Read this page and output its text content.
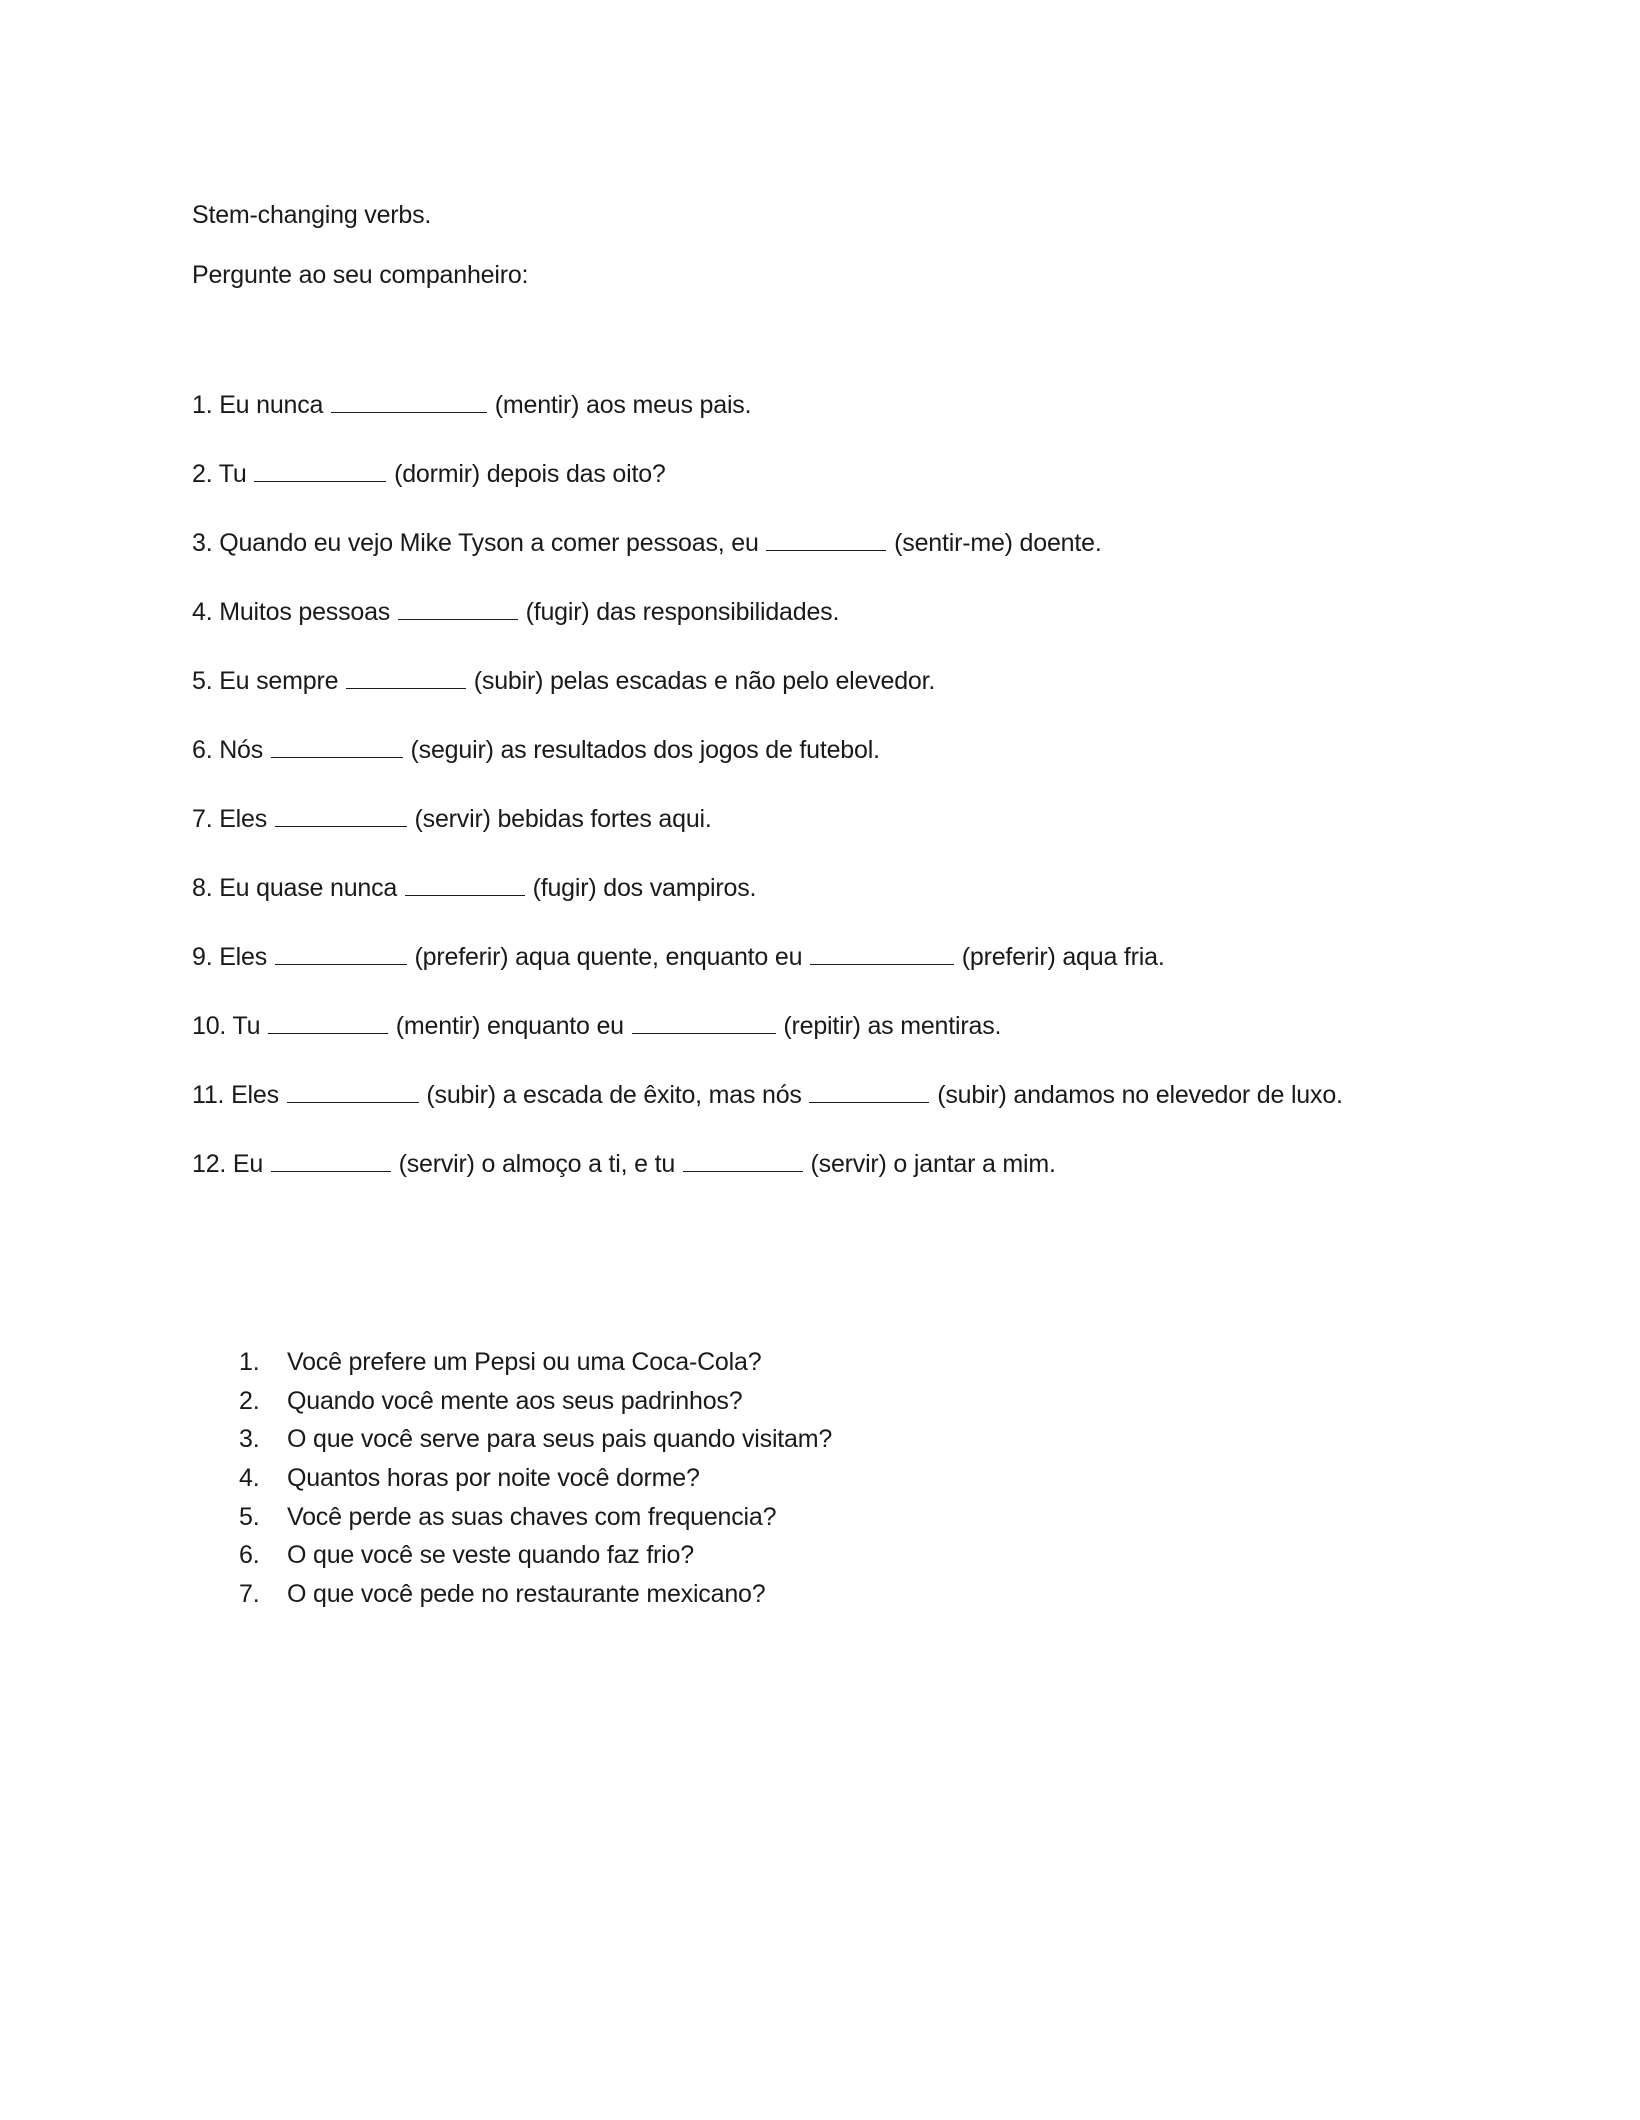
Stem-changing verbs.
Pergunte ao seu companheiro:
1. Eu nunca	(mentir) aos meus pais.
2. Tu	(dormir) depois das oito?
3. Quando eu vejo Mike Tyson a comer pessoas, eu	(sentir-me) doente.
4. Muitos pessoas	(fugir) das responsibilidades.
5. Eu sempre	(subir) pelas escadas e não pelo elevedor.
6. Nós	(seguir) as resultados dos jogos de futebol.
7. Eles	(servir) bebidas fortes aqui.
8. Eu quase nunca	(fugir) dos vampiros.
9. Eles	(preferir) aqua quente, enquanto eu	(preferir) aqua fria.
10. Tu	(mentir) enquanto eu	(repitir) as mentiras.
11. Eles	(subir) a escada de êxito, mas nós	(subir) andamos no elevedor de luxo.
12. Eu	(servir) o almoço a ti, e tu	(servir) o jantar a mim.
1. Você prefere um Pepsi ou uma Coca-Cola?
2. Quando você mente aos seus padrinhos?
3. O que você serve para seus pais quando visitam?
4. Quantos horas por noite você dorme?
5. Você perde as suas chaves com frequencia?
6. O que você se veste quando faz frio?
7. O que você pede no restaurante mexicano?
